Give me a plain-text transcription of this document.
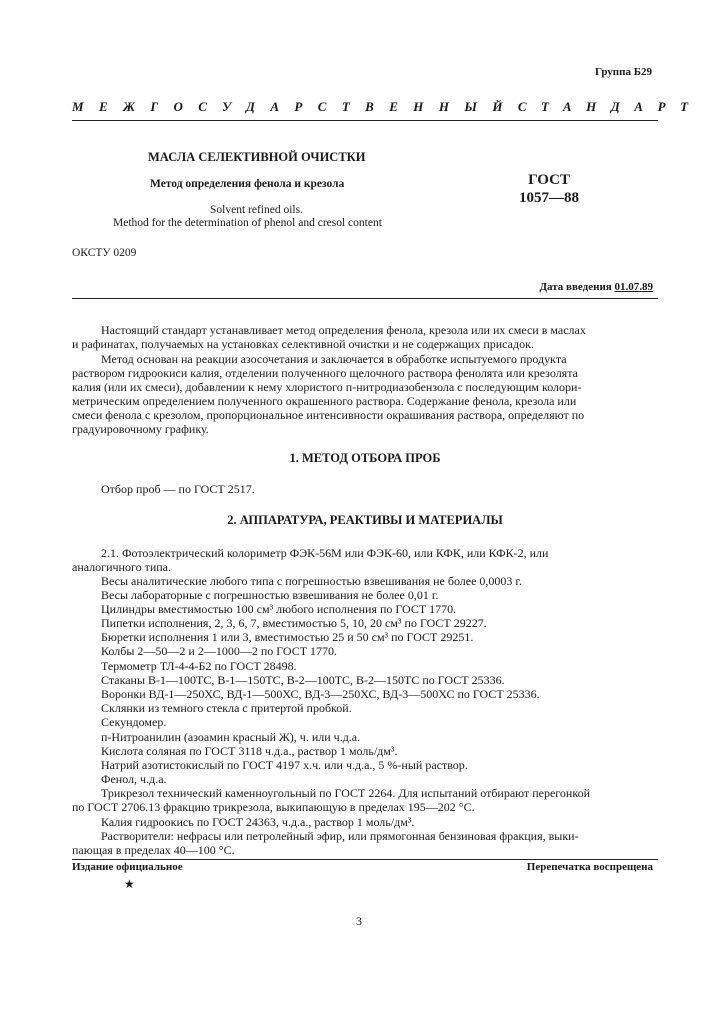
Группа Б29
МЕЖГОСУДАРСТВЕННЫЙ СТАНДАРТ
МАСЛА СЕЛЕКТИВНОЙ ОЧИСТКИ
Метод определения фенола и крезола
Solvent refined oils.
Method for the determination of phenol and cresol content
ГОСТ
1057—88
ОКСТУ 0209
Дата введения 01.07.89
Настоящий стандарт устанавливает метод определения фенола, крезола или их смеси в маслах
и рафинатах, получаемых на установках селективной очистки и не содержащих присадок.
Метод основан на реакции азосочетания и заключается в обработке испытуемого продукта
раствором гидроокиси калия, отделении полученного щелочного раствора фенолята или крезолята
калия (или их смеси), добавлении к нему хлористого п-нитродиазобензола с последующим колори-
метрическим определением полученного окрашенного раствора. Содержание фенола, крезола или
смеси фенола с крезолом, пропорциональное интенсивности окрашивания раствора, определяют по
градуировочному графику.
1. МЕТОД ОТБОРА ПРОБ
Отбор проб — по ГОСТ 2517.
2. АППАРАТУРА, РЕАКТИВЫ И МАТЕРИАЛЫ
2.1. Фотоэлектрический колориметр ФЭК-56М или ФЭК-60, или КФК, или КФК-2, или
аналогичного типа.
Весы аналитические любого типа с погрешностью взвешивания не более 0,0003 г.
Весы лабораторные с погрешностью взвешивания не более 0,01 г.
Цилиндры вместимостью 100 см³ любого исполнения по ГОСТ 1770.
Пипетки исполнения, 2, 3, 6, 7, вместимостью 5, 10, 20 см³ по ГОСТ 29227.
Бюретки исполнения 1 или 3, вместимостью 25 и 50 см³ по ГОСТ 29251.
Колбы 2—50—2 и 2—1000—2 по ГОСТ 1770.
Термометр ТЛ-4-4-Б2 по ГОСТ 28498.
Стаканы В-1—100ТС, В-1—150ТС, В-2—100ТС, В-2—150ТС по ГОСТ 25336.
Воронки ВД-1—250ХС, ВД-1—500ХС, ВД-3—250ХС, ВД-3—500ХС по ГОСТ 25336.
Склянки из темного стекла с притертой пробкой.
Секундомер.
п-Нитроанилин (азоамин красный Ж), ч. или ч.д.а.
Кислота соляная по ГОСТ 3118 ч.д.а., раствор 1 моль/дм³.
Натрий азотистокислый по ГОСТ 4197 х.ч. или ч.д.а., 5 %-ный раствор.
Фенол, ч.д.а.
Трикрезол технический каменноугольный по ГОСТ 2264. Для испытаний отбирают перегонкой
по ГОСТ 2706.13 фракцию трикрезола, выкипающую в пределах 195—202 °С.
Калия гидроокись по ГОСТ 24363, ч.д.а., раствор 1 моль/дм³.
Растворители: нефрасы или петролейный эфир, или прямогонная бензиновая фракция, выки-
пающая в пределах 40—100 °С.
Издание официальное	Перепечатка воспрещена
★
3
